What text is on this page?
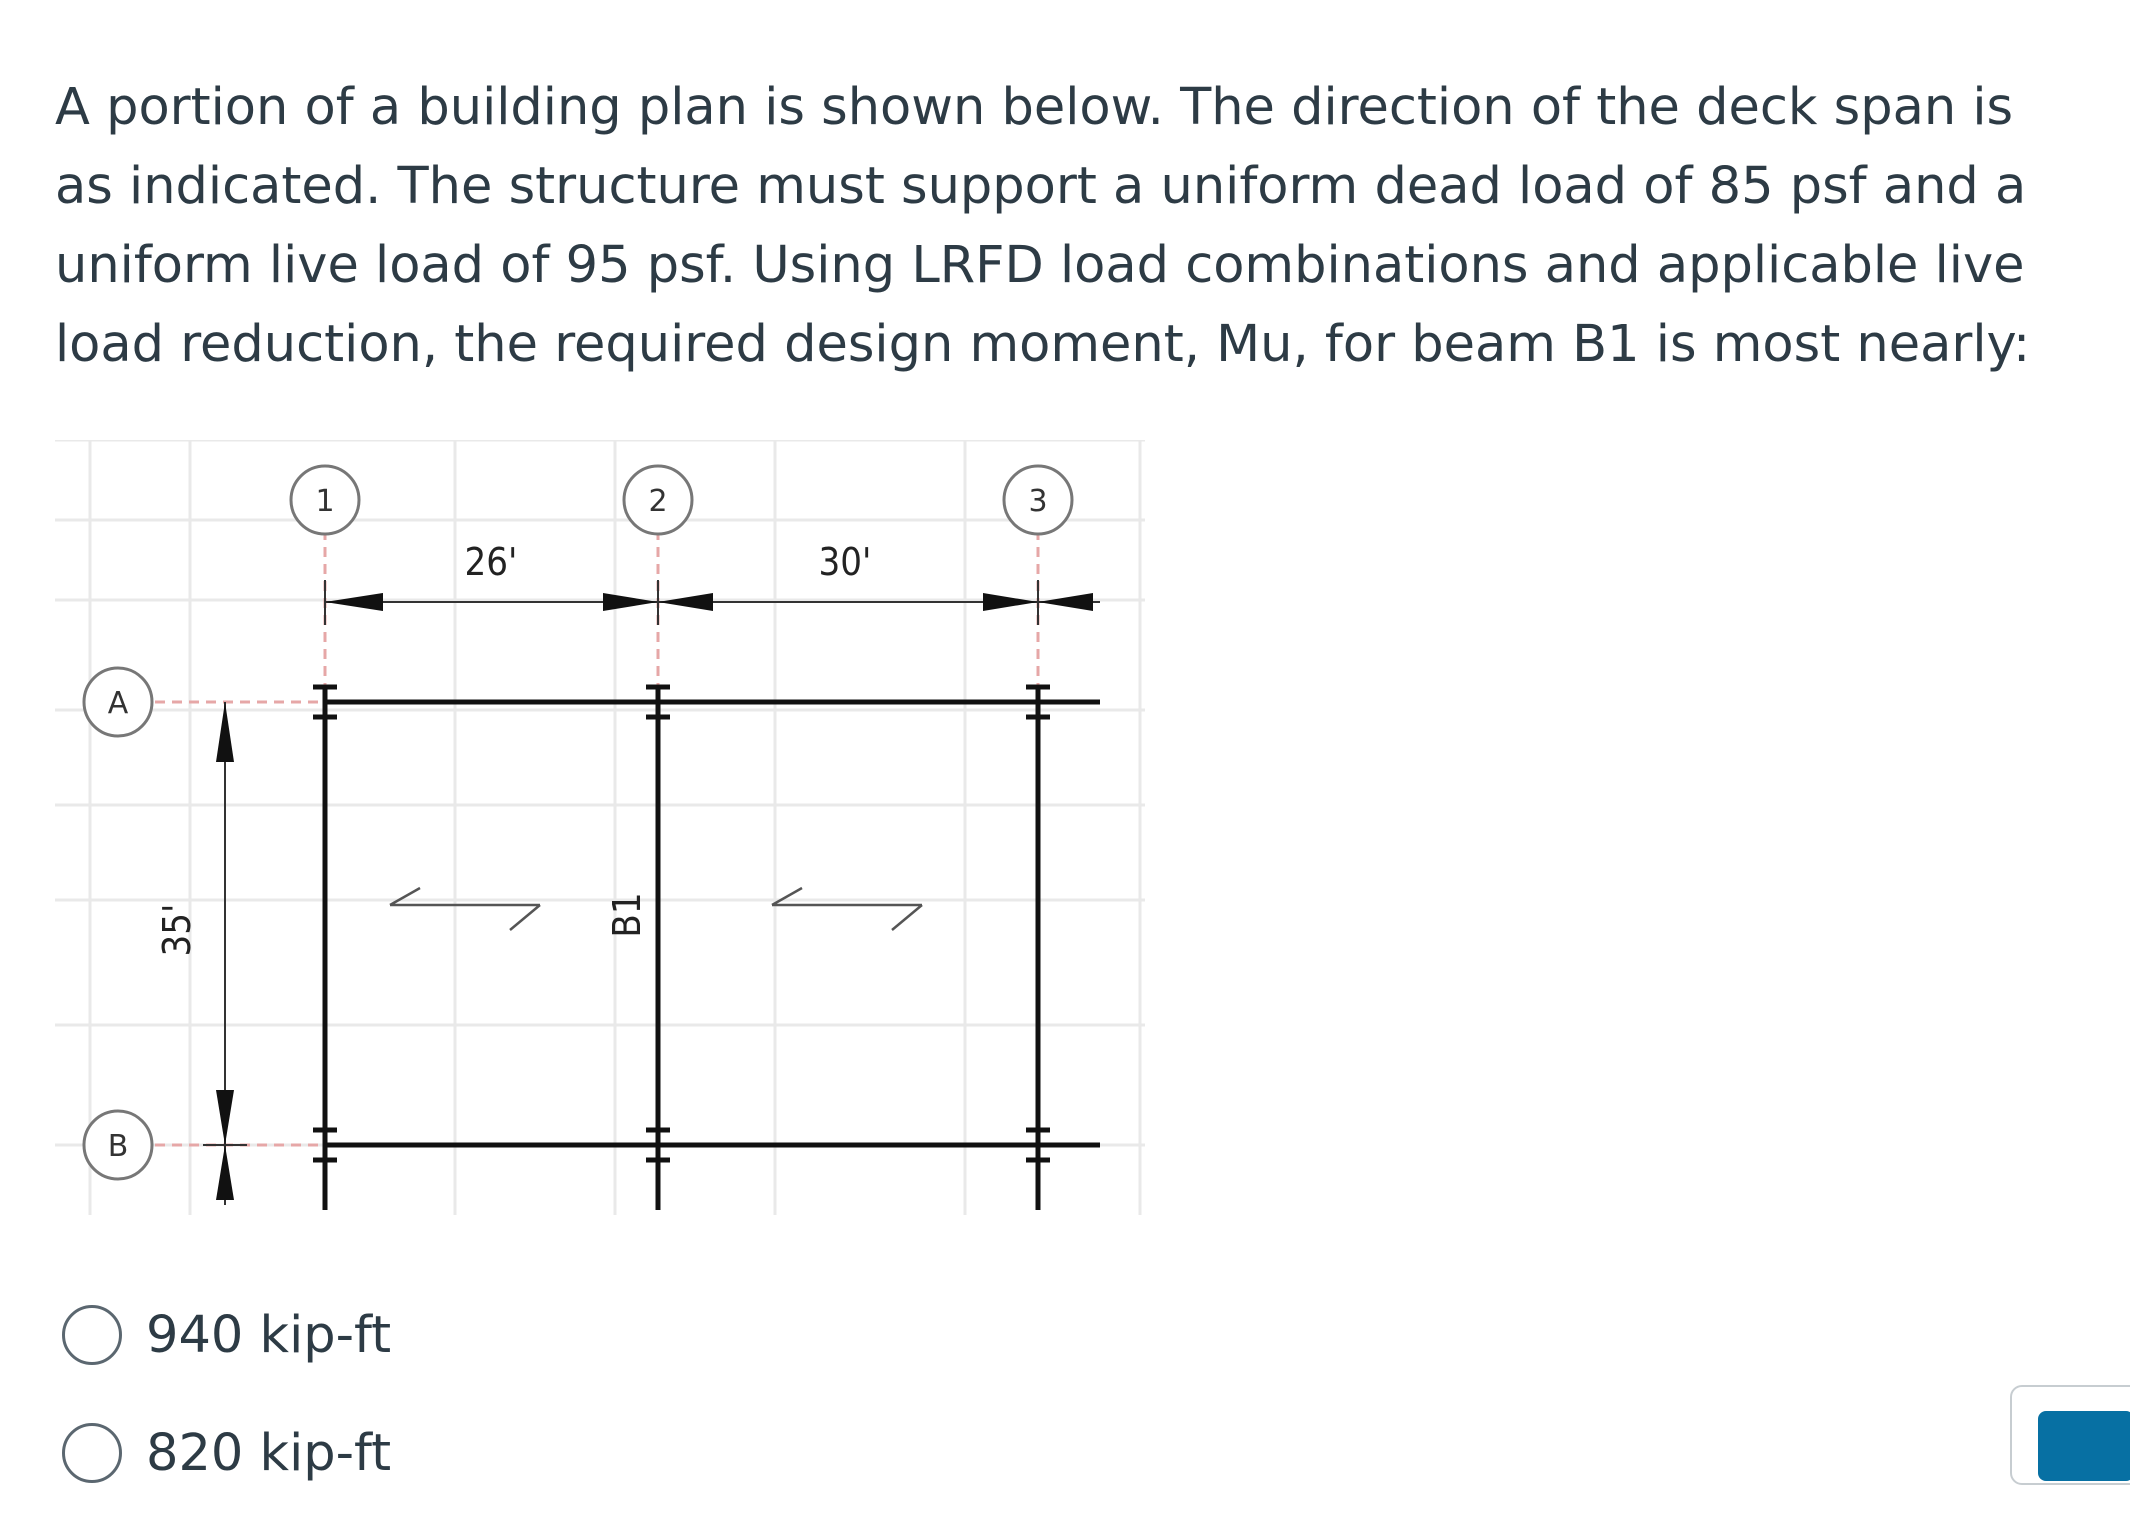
A portion of a building plan is shown below. The direction of the deck span is as indicated. The structure must support a uniform dead load of 85 psf and a uniform live load of 95 psf. Using LRFD load combinations and applicable live load reduction, the required design moment, Mu, for beam B1 is most nearly:

26'	30'
35'	B1
1	2	3
A
B
940 kip-ft
820 kip-ft
